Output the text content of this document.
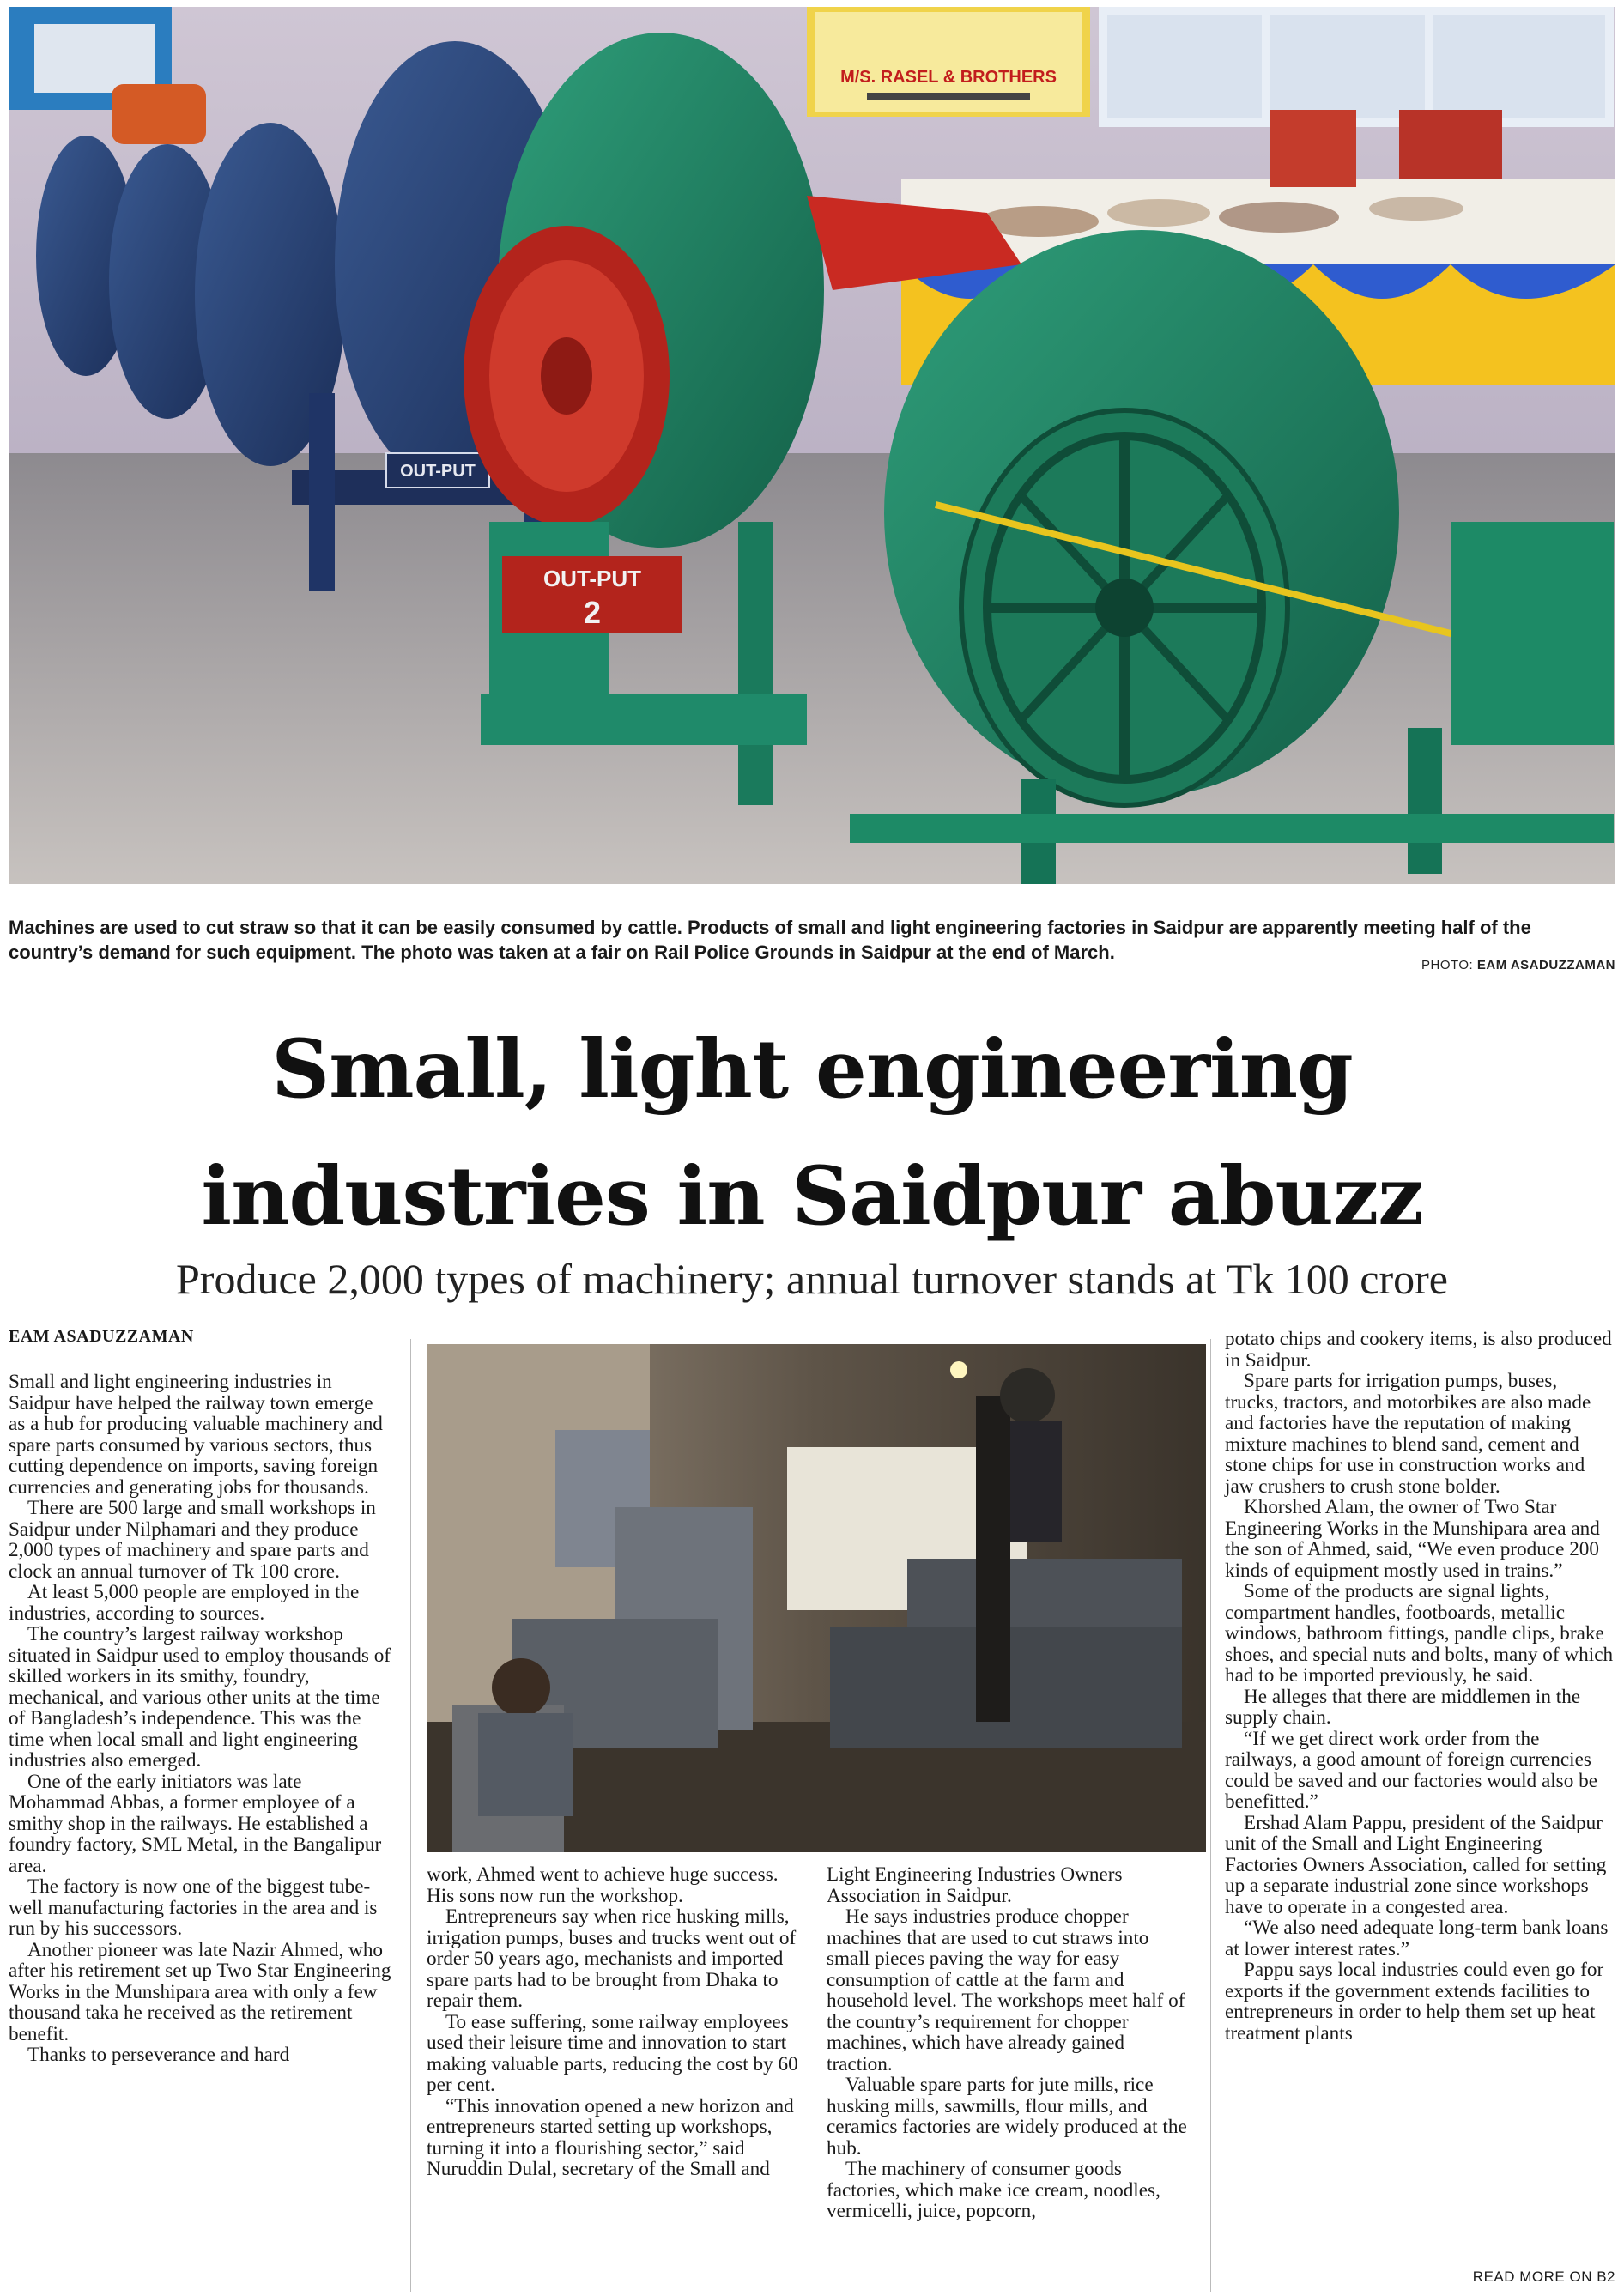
M/S. RASEL & BROTHERS
OUT-PUT
OUT-PUT
2
Machines are used to cut straw so that it can be easily consumed by cattle. Products of small and light engineering factories in Saidpur are apparently meeting half of the country’s demand for such equipment. The photo was taken at a fair on Rail Police Grounds in Saidpur at the end of March.
PHOTO: EAM ASADUZZAMAN
Small, light engineering
industries in Saidpur abuzz
Produce 2,000 types of machinery; annual turnover stands at Tk 100 crore
EAM ASADUZZAMAN

Small and light engineering industries in Saidpur have helped the railway town emerge as a hub for producing valuable machinery and spare parts consumed by various sectors, thus cutting dependence on imports, saving foreign currencies and generating jobs for thousands.

There are 500 large and small workshops in Saidpur under Nilphamari and they produce 2,000 types of machinery and spare parts and clock an annual turnover of Tk 100 crore.

At least 5,000 people are employed in the industries, according to sources.

The country’s largest railway workshop situated in Saidpur used to employ thousands of skilled workers in its smithy, foundry, mechanical, and various other units at the time of Bangladesh’s independence. This was the time when local small and light engineering industries also emerged.

One of the early initiators was late Mohammad Abbas, a former employee of a smithy shop in the railways. He established a foundry factory, SML Metal, in the Bangalipur area.

The factory is now one of the biggest tube-well manufacturing factories in the area and is run by his successors.

Another pioneer was late Nazir Ahmed, who after his retirement set up Two Star Engineering Works in the Munshipara area with only a few thousand taka he received as the retirement benefit.

Thanks to perseverance and hard

work, Ahmed went to achieve huge success. His sons now run the workshop.

Entrepreneurs say when rice husking mills, irrigation pumps, buses and trucks went out of order 50 years ago, mechanists and imported spare parts had to be brought from Dhaka to repair them.

To ease suffering, some railway employees used their leisure time and innovation to start making valuable parts, reducing the cost by 60 per cent.

“This innovation opened a new horizon and entrepreneurs started setting up workshops, turning it into a flourishing sector,” said Nuruddin Dulal, secretary of the Small and

Light Engineering Industries Owners Association in Saidpur.

He says industries produce chopper machines that are used to cut straws into small pieces paving the way for easy consumption of cattle at the farm and household level. The workshops meet half of the country’s requirement for chopper machines, which have already gained traction.

Valuable spare parts for jute mills, rice husking mills, sawmills, flour mills, and ceramics factories are widely produced at the hub.

The machinery of consumer goods factories, which make ice cream, noodles, vermicelli, juice, popcorn,

potato chips and cookery items, is also produced in Saidpur.

Spare parts for irrigation pumps, buses, trucks, tractors, and motorbikes are also made and factories have the reputation of making mixture machines to blend sand, cement and stone chips for use in construction works and jaw crushers to crush stone bolder.

Khorshed Alam, the owner of Two Star Engineering Works in the Munshipara area and the son of Ahmed, said, “We even produce 200 kinds of equipment mostly used in trains.”

Some of the products are signal lights, compartment handles, footboards, metallic windows, bathroom fittings, pandle clips, brake shoes, and special nuts and bolts, many of which had to be imported previously, he said.

He alleges that there are middlemen in the supply chain.

“If we get direct work order from the railways, a good amount of foreign currencies could be saved and our factories would also be benefitted.”

Ershad Alam Pappu, president of the Saidpur unit of the Small and Light Engineering Factories Owners Association, called for setting up a separate industrial zone since workshops have to operate in a congested area.

“We also need adequate long-term bank loans at lower interest rates.”

Pappu says local industries could even go for exports if the government extends facilities to entrepreneurs in order to help them set up heat treatment plants

READ MORE ON B2
